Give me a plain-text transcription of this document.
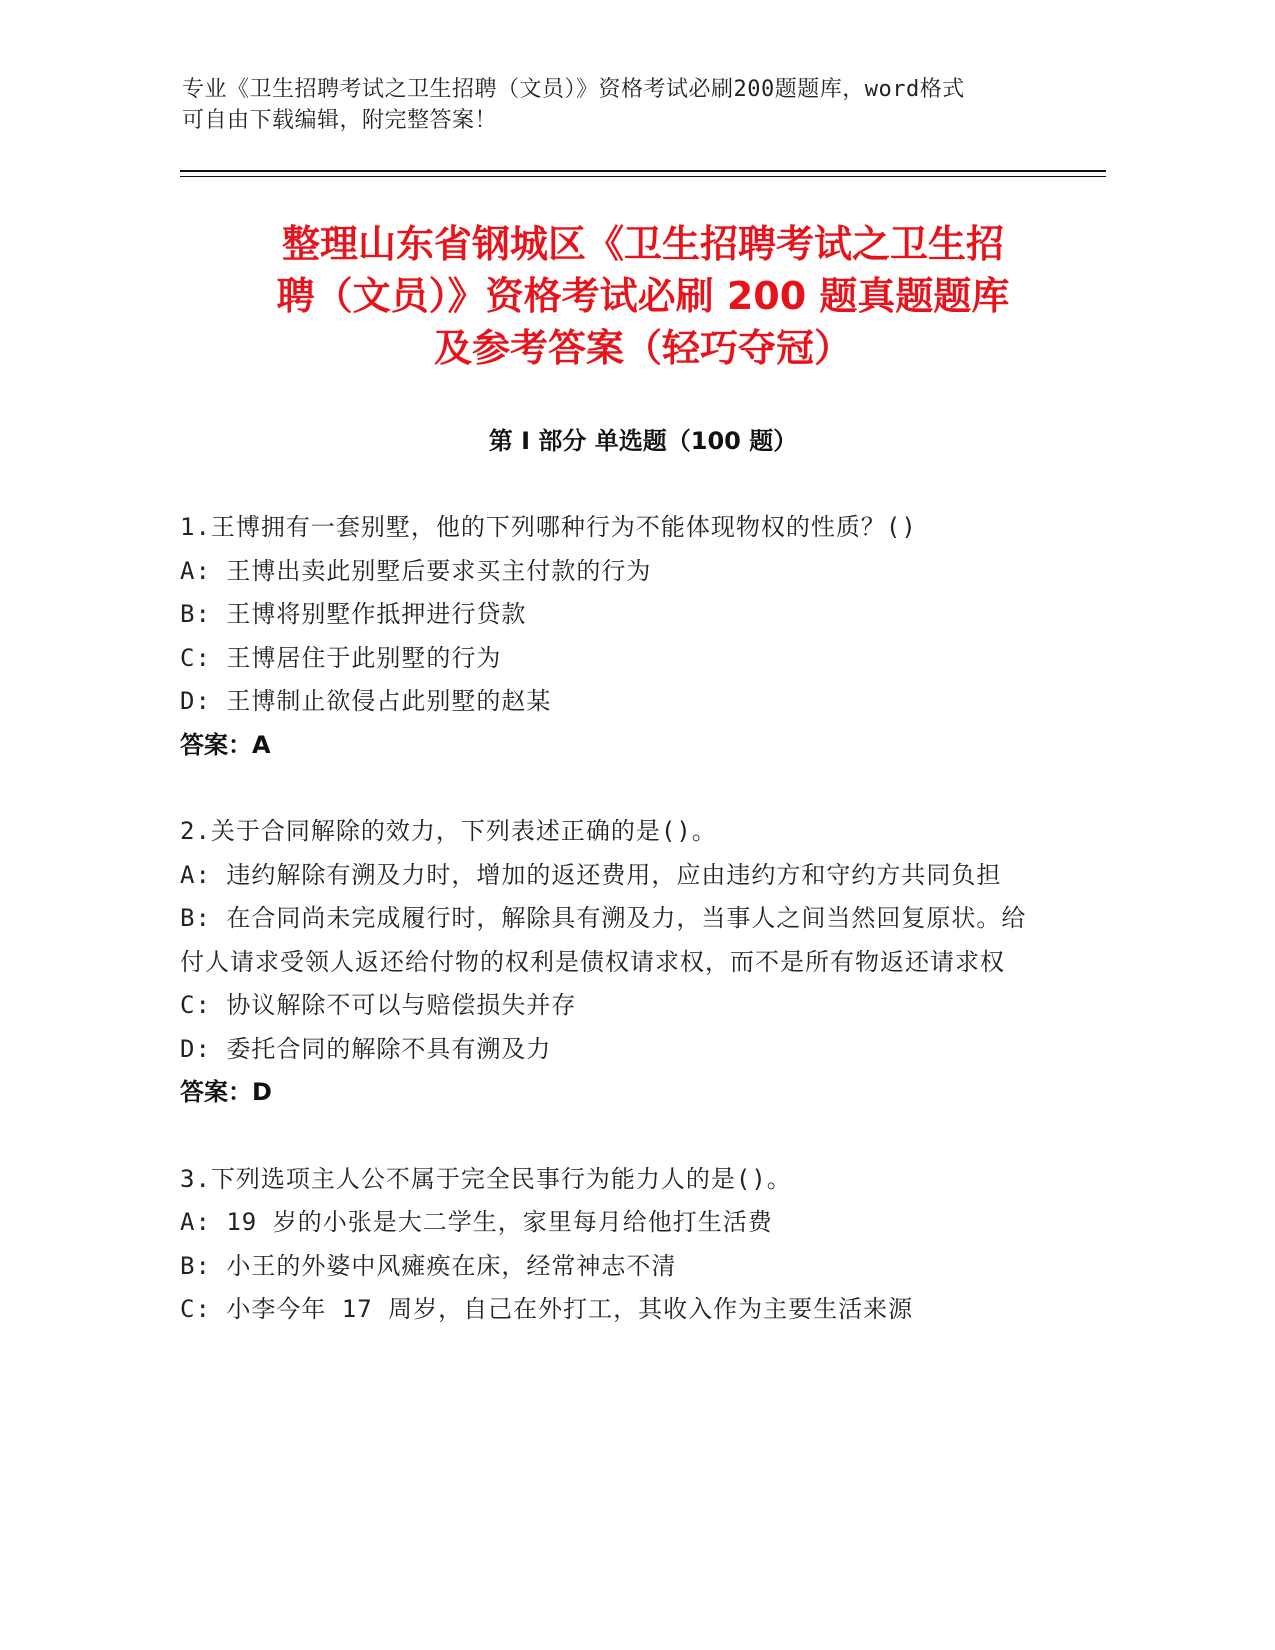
专业《卫生招聘考试之卫生招聘（文员）》资格考试必刷200题题库，word格式

可自由下载编辑，附完整答案！

整理山东省钢城区《卫生招聘考试之卫生招
聘（文员）》资格考试必刷 200 题真题题库
及参考答案（轻巧夺冠）
第 I 部分 单选题（100 题）

1.王博拥有一套别墅，他的下列哪种行为不能体现物权的性质？()

A: 王博出卖此别墅后要求买主付款的行为

B: 王博将别墅作抵押进行贷款

C: 王博居住于此别墅的行为

D: 王博制止欲侵占此别墅的赵某

答案：A

2.关于合同解除的效力，下列表述正确的是()。

A: 违约解除有溯及力时，增加的返还费用，应由违约方和守约方共同负担

B: 在合同尚未完成履行时，解除具有溯及力，当事人之间当然回复原状。给付人请求受领人返还给付物的权利是债权请求权，而不是所有物返还请求权

C: 协议解除不可以与赔偿损失并存

D: 委托合同的解除不具有溯及力

答案：D

3.下列选项主人公不属于完全民事行为能力人的是()。

A: 19 岁的小张是大二学生，家里每月给他打生活费

B: 小王的外婆中风瘫痪在床，经常神志不清

C: 小李今年 17 周岁，自己在外打工，其收入作为主要生活来源
